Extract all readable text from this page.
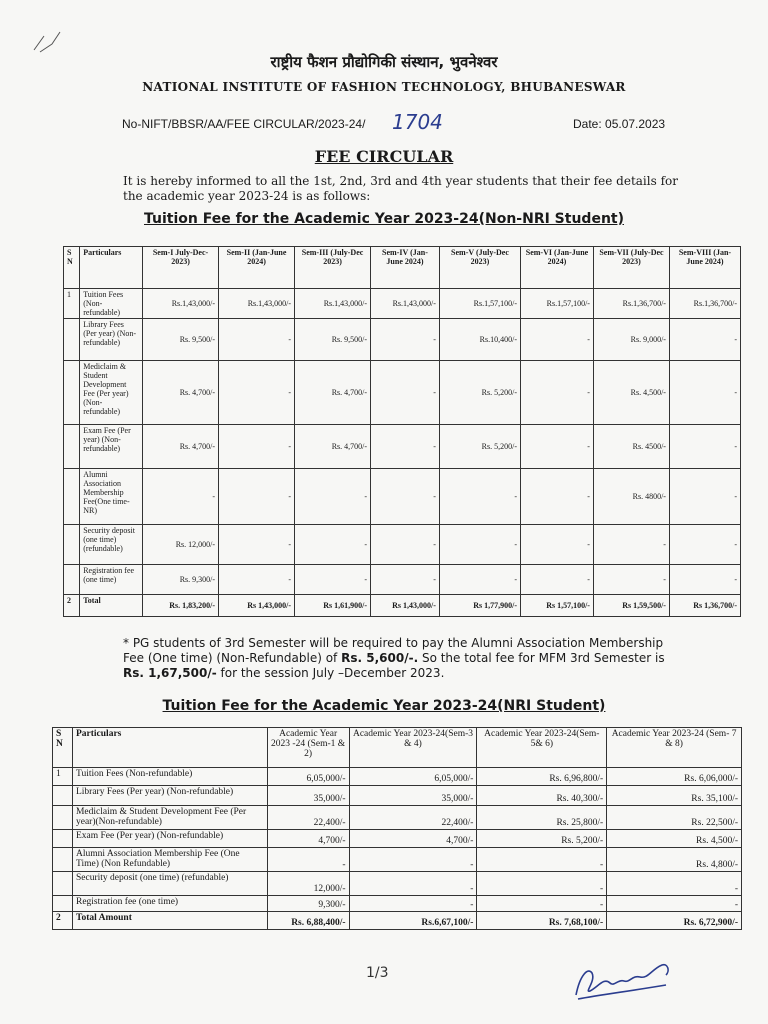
राष्ट्रीय फैशन प्रौद्योगिकी संस्थान, भुवनेश्वर
NATIONAL INSTITUTE OF FASHION TECHNOLOGY, BHUBANESWAR
No-NIFT/BBSR/AA/FEE CIRCULAR/2023-24/ 1704	Date: 05.07.2023
FEE CIRCULAR
It is hereby informed to all the 1st, 2nd, 3rd and 4th year students that their fee details for the academic year 2023-24 is as follows:
Tuition Fee for the Academic Year 2023-24(Non-NRI Student)
S N	Particulars	Sem-I July-Dec-2023)	Sem-II (Jan-June 2024)	Sem-III (July-Dec 2023)	Sem-IV (Jan-June 2024)	Sem-V (July-Dec 2023)	Sem-VI (Jan-June 2024)	Sem-VII (July-Dec 2023)	Sem-VIII (Jan-June 2024)
1	Tuition Fees (Non-refundable)	Rs.1,43,000/-	Rs.1,43,000/-	Rs.1,43,000/-	Rs.1,43,000/-	Rs.1,57,100/-	Rs.1,57,100/-	Rs.1,36,700/-	Rs.1,36,700/-
	Library Fees (Per year) (Non-refundable)	Rs. 9,500/-	-	Rs. 9,500/-	-	Rs.10,400/-	-	Rs. 9,000/-	-
	Mediclaim & Student Development Fee (Per year)(Non-refundable)	Rs. 4,700/-	-	Rs. 4,700/-	-	Rs. 5,200/-	-	Rs. 4,500/-	-
	Exam Fee (Per year) (Non-refundable)	Rs. 4,700/-	-	Rs. 4,700/-	-	Rs. 5,200/-	-	Rs. 4500/-	-
	Alumni Association Membership Fee(One time-NR)	-	-	-	-	-	-	Rs. 4800/-	-
	Security deposit (one time) (refundable)	Rs. 12,000/-	-	-	-	-	-	-	-
	Registration fee (one time)	Rs. 9,300/-	-	-	-	-	-	-	-
2	Total	Rs. 1,83,200/-	Rs 1,43,000/-	Rs 1,61,900/-	Rs 1,43,000/-	Rs 1,77,900/-	Rs 1,57,100/-	Rs 1,59,500/-	Rs 1,36,700/-
* PG students of 3rd Semester will be required to pay the Alumni Association Membership Fee (One time) (Non-Refundable) of Rs. 5,600/-. So the total fee for MFM 3rd Semester is Rs. 1,67,500/- for the session July –December 2023.
Tuition Fee for the Academic Year 2023-24(NRI Student)
S N	Particulars	Academic Year 2023 -24 (Sem-1 & 2)	Academic Year 2023-24(Sem-3 & 4)	Academic Year 2023-24(Sem-5& 6)	Academic Year 2023-24 (Sem- 7 & 8)
1	Tuition Fees (Non-refundable)	6,05,000/-	6,05,000/-	Rs. 6,96,800/-	Rs. 6,06,000/-
	Library Fees (Per year) (Non-refundable)	35,000/-	35,000/-	Rs. 40,300/-	Rs. 35,100/-
	Mediclaim & Student Development Fee (Per year)(Non-refundable)	22,400/-	22,400/-	Rs. 25,800/-	Rs. 22,500/-
	Exam Fee (Per year) (Non-refundable)	4,700/-	4,700/-	Rs. 5,200/-	Rs. 4,500/-
	Alumni Association Membership Fee (One Time) (Non Refundable)	-	-	-	Rs. 4,800/-
	Security deposit (one time) (refundable)	12,000/-	-	-	-
	Registration fee (one time)	9,300/-	-	-	-
2	Total Amount	Rs. 6,88,400/-	Rs.6,67,100/-	Rs. 7,68,100/-	Rs. 6,72,900/-
1/3
